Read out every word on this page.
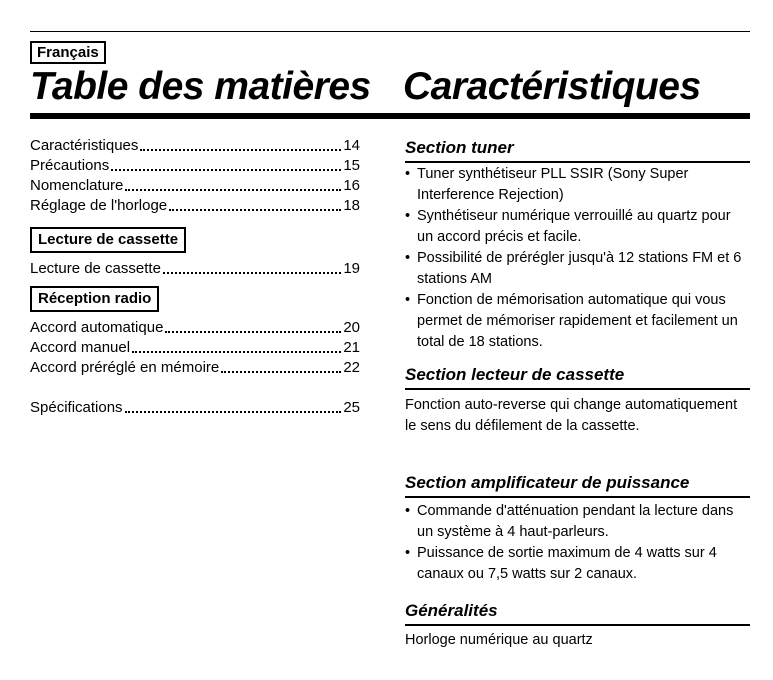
Français
Table des matières Caractéristiques
Caractéristiques	14
Précautions	15
Nomenclature	16
Réglage de l'horloge	18
Lecture de cassette
Lecture de cassette	19
Réception radio
Accord automatique	20
Accord manuel	21
Accord préréglé en mémoire	22
Spécifications	25
Section tuner
• Tuner synthétiseur PLL SSIR (Sony Super Interference Rejection)
• Synthétiseur numérique verrouillé au quartz pour un accord précis et facile.
• Possibilité de prérégler jusqu'à 12 stations FM et 6 stations AM
• Fonction de mémorisation automatique qui vous permet de mémoriser rapidement et facilement un total de 18 stations.
Section lecteur de cassette
Fonction auto-reverse qui change automatiquement le sens du défilement de la cassette.
Section amplificateur de puissance
• Commande d'atténuation pendant la lecture dans un système à 4 haut-parleurs.
• Puissance de sortie maximum de 4 watts sur 4 canaux ou 7,5 watts sur 2 canaux.
Généralités
Horloge numérique au quartz
